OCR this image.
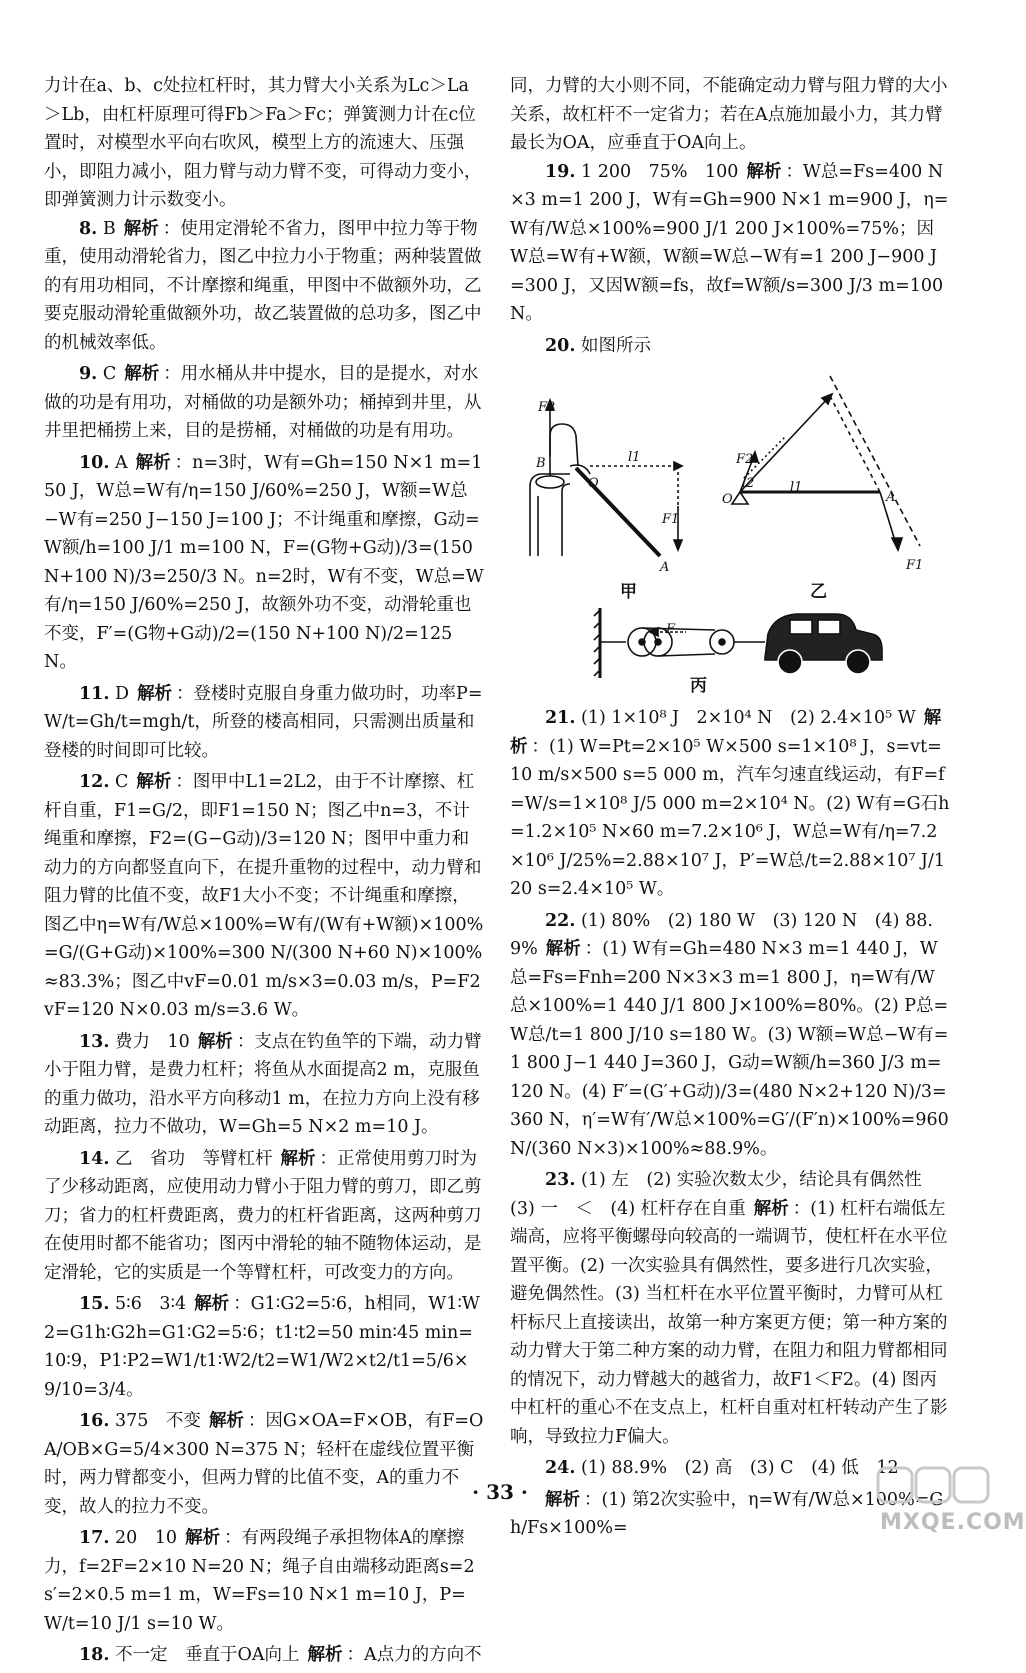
力计在a、b、c处拉杠杆时，其力臂大小关系为Lc＞La＞Lb，由杠杆原理可得Fb＞Fa＞Fc；弹簧测力计在c位置时，对模型水平向右吹风，模型上方的流速大、压强小，即阻力减小，阻力臂与动力臂不变，可得动力变小，即弹簧测力计示数变小。

8. B 解析 ：使用定滑轮不省力，图甲中拉力等于物重，使用动滑轮省力，图乙中拉力小于物重；两种装置做的有用功相同，不计摩擦和绳重，甲图中不做额外功，乙要克服动滑轮重做额外功，故乙装置做的总功多，图乙中的机械效率低。

9. C 解析 ：用水桶从井中提水，目的是提水，对水做的功是有用功，对桶做的功是额外功；桶掉到井里，从井里把桶捞上来，目的是捞桶，对桶做的功是有用功。

10. A 解析 ：n=3时，W有=Gh=150 N×1 m=150 J，W总=W有/η=150 J/60%=250 J，W额=W总−W有=250 J−150 J=100 J；不计绳重和摩擦，G动=W额/h=100 J/1 m=100 N，F=(G物+G动)/3=(150 N+100 N)/3=250/3 N。n=2时，W有不变，W总=W有/η=150 J/60%=250 J，故额外功不变，动滑轮重也不变，F′=(G物+G动)/2=(150 N+100 N)/2=125 N。

11. D 解析 ：登楼时克服自身重力做功时，功率P=W/t=Gh/t=mgh/t，所登的楼高相同，只需测出质量和登楼的时间即可比较。

12. C 解析 ：图甲中L1=2L2，由于不计摩擦、杠杆自重，F1=G/2，即F1=150 N；图乙中n=3，不计绳重和摩擦，F2=(G−G动)/3=120 N；图甲中重力和动力的方向都竖直向下，在提升重物的过程中，动力臂和阻力臂的比值不变，故F1大小不变；不计绳重和摩擦，图乙中η=W有/W总×100%=W有/(W有+W额)×100%=G/(G+G动)×100%=300 N/(300 N+60 N)×100%≈83.3%；图乙中vF=0.01 m/s×3=0.03 m/s，P=F2vF=120 N×0.03 m/s=3.6 W。

13. 费力　10 解析 ：支点在钓鱼竿的下端，动力臂小于阻力臂，是费力杠杆；将鱼从水面提高2 m，克服鱼的重力做功，沿水平方向移动1 m，在拉力方向上没有移动距离，拉力不做功，W=Gh=5 N×2 m=10 J。

14. 乙　省功　等臂杠杆 解析 ：正常使用剪刀时为了少移动距离，应使用动力臂小于阻力臂的剪刀，即乙剪刀；省力的杠杆费距离，费力的杠杆省距离，这两种剪刀在使用时都不能省功；图丙中滑轮的轴不随物体运动，是定滑轮，它的实质是一个等臂杠杆，可改变力的方向。

15. 5∶6　3∶4 解析 ：G1∶G2=5∶6，h相同，W1∶W2=G1h∶G2h=G1∶G2=5∶6；t1∶t2=50 min∶45 min=10∶9，P1∶P2=W1/t1∶W2/t2=W1/W2×t2/t1=5/6×9/10=3/4。

16. 375　不变 解析 ：因G×OA=F×OB，有F=OA/OB×G=5/4×300 N=375 N；轻杆在虚线位置平衡时，两力臂都变小，但两力臂的比值不变，A的重力不变，故人的拉力不变。

17. 20　10 解析 ：有两段绳子承担物体A的摩擦力，f=2F=2×10 N=20 N；绳子自由端移动距离s=2s′=2×0.5 m=1 m，W=Fs=10 N×1 m=10 J，P=W/t=10 J/1 s=10 W。

18. 不一定　垂直于OA向上 解析 ：A点力的方向不

同，力臂的大小则不同，不能确定动力臂与阻力臂的大小关系，故杠杆不一定省力；若在A点施加最小力，其力臂最长为OA，应垂直于OA向上。

19. 1 200　75%　100 解析 ：W总=Fs=400 N×3 m=1 200 J，W有=Gh=900 N×1 m=900 J，η=W有/W总×100%=900 J/1 200 J×100%=75%；因W总=W有+W额，W额=W总−W有=1 200 J−900 J=300 J，又因W额=fs，故f=W额/s=300 J/3 m=100 N。

20. 如图所示

F2
B
O
l1
F1
A
甲
F2
l2	l1
O	A
F1
乙
F
丙

21. (1) 1×10⁸ J　2×10⁴ N　(2) 2.4×10⁵ W 解析 ：(1) W=Pt=2×10⁵ W×500 s=1×10⁸ J，s=vt=10 m/s×500 s=5 000 m，汽车匀速直线运动，有F=f=W/s=1×10⁸ J/5 000 m=2×10⁴ N。(2) W有=G石h=1.2×10⁵ N×60 m=7.2×10⁶ J，W总=W有/η=7.2×10⁶ J/25%=2.88×10⁷ J，P′=W总/t=2.88×10⁷ J/120 s=2.4×10⁵ W。

22. (1) 80%　(2) 180 W　(3) 120 N　(4) 88.9% 解析 ：(1) W有=Gh=480 N×3 m=1 440 J，W总=Fs=Fnh=200 N×3×3 m=1 800 J，η=W有/W总×100%=1 440 J/1 800 J×100%=80%。(2) P总=W总/t=1 800 J/10 s=180 W。(3) W额=W总−W有=1 800 J−1 440 J=360 J，G动=W额/h=360 J/3 m=120 N。(4) F′=(G′+G动)/3=(480 N×2+120 N)/3=360 N，η′=W有′/W总×100%=G′/(F′n)×100%=960 N/(360 N×3)×100%≈88.9%。

23. (1) 左　(2) 实验次数太少，结论具有偶然性　(3) 一　＜　(4) 杠杆存在自重 解析 ：(1) 杠杆右端低左端高，应将平衡螺母向较高的一端调节，使杠杆在水平位置平衡。(2) 一次实验具有偶然性，要多进行几次实验，避免偶然性。(3) 当杠杆在水平位置平衡时，力臂可从杠杆标尺上直接读出，故第一种方案更方便；第一种方案的动力臂大于第二种方案的动力臂，在阻力和阻力臂都相同的情况下，动力臂越大的越省力，故F1＜F2。(4) 图丙中杠杆的重心不在支点上，杠杆自重对杠杆转动产生了影响，导致拉力F偏大。

24. (1) 88.9%　(2) 高　(3) C　(4) 低　12

解析 ：(1) 第2次实验中，η=W有/W总×100%=Gh/Fs×100%=	MXQE.COM
· 33 ·
